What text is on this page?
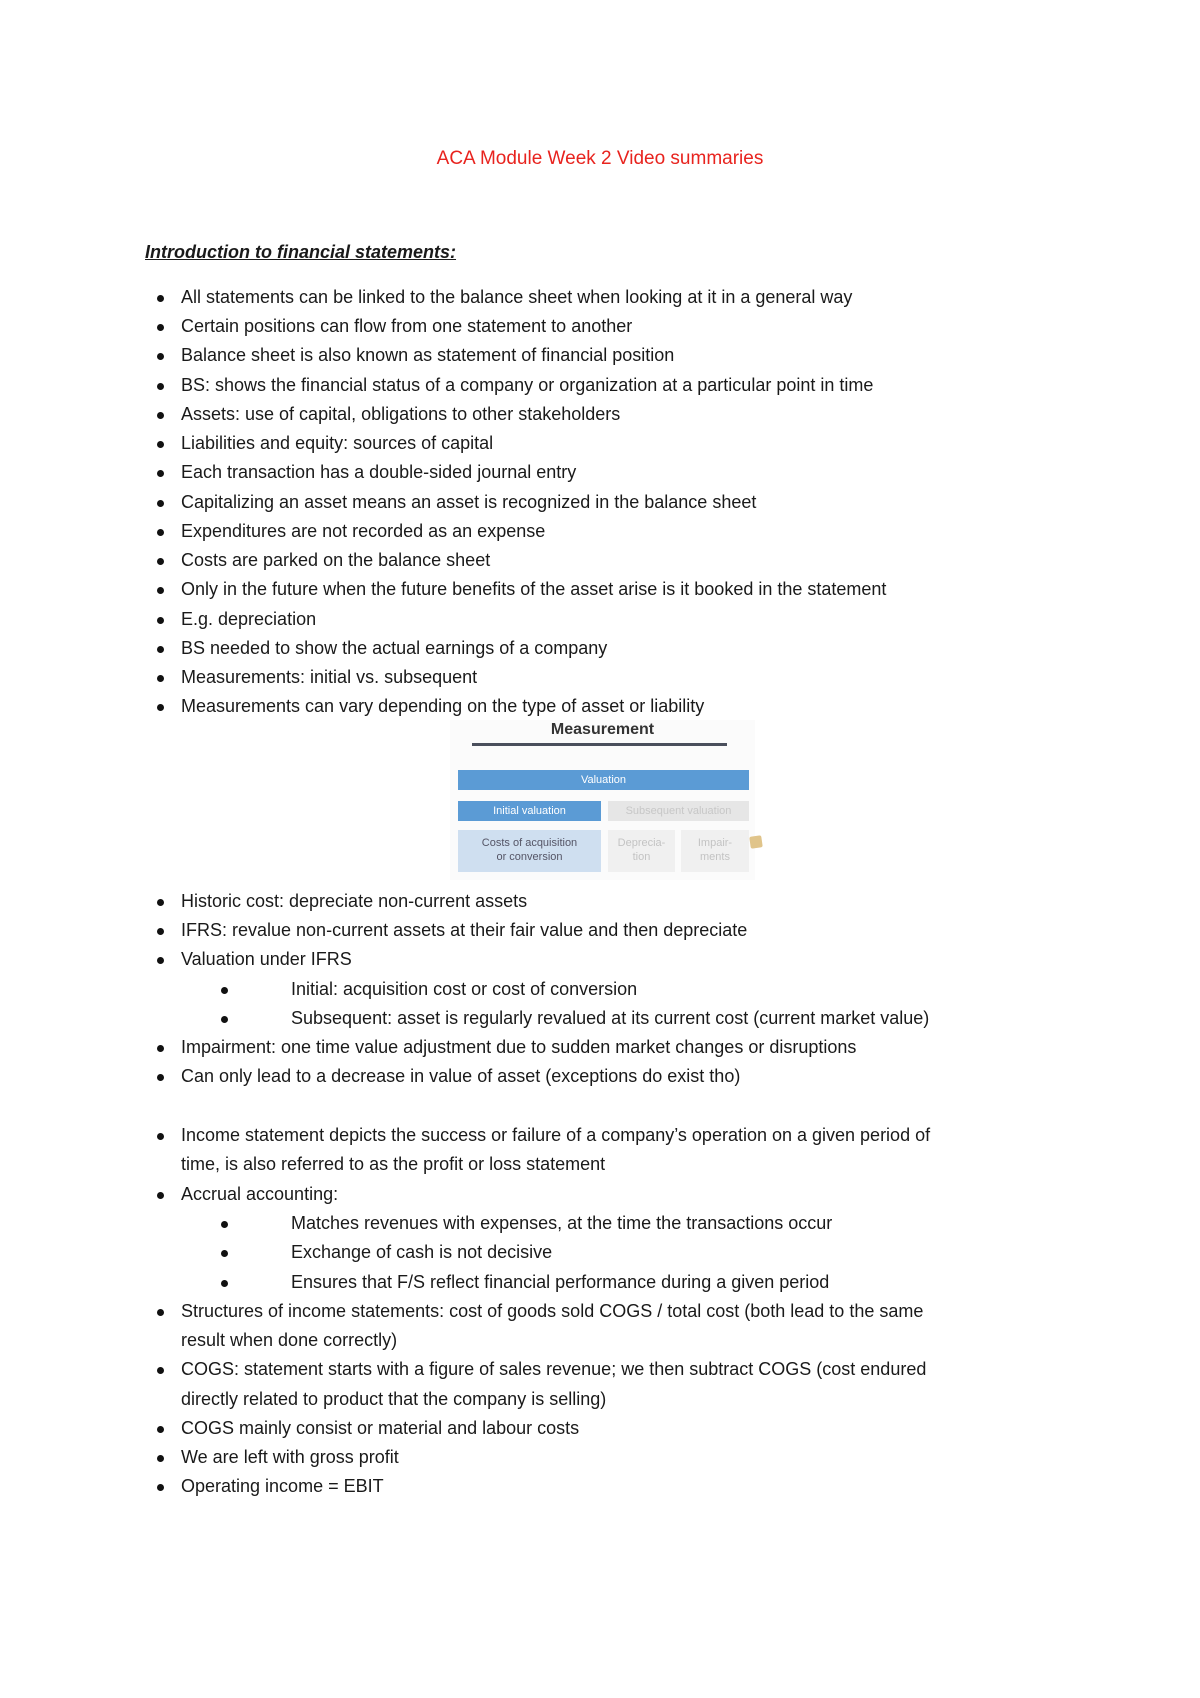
ACA Module Week 2 Video summaries
Introduction to financial statements:
All statements can be linked to the balance sheet when looking at it in a general way
Certain positions can flow from one statement to another
Balance sheet is also known as statement of financial position
BS: shows the financial status of a company or organization at a particular point in time
Assets: use of capital, obligations to other stakeholders
Liabilities and equity: sources of capital
Each transaction has a double-sided journal entry
Capitalizing an asset means an asset is recognized in the balance sheet
Expenditures are not recorded as an expense
Costs are parked on the balance sheet
Only in the future when the future benefits of the asset arise is it booked in the statement
E.g. depreciation
BS needed to show the actual earnings of a company
Measurements: initial vs. subsequent
Measurements can vary depending on the type of asset or liability
Measurement
Valuation
Initial valuation	Subsequent valuation
Costs of acquisition
or conversion
Deprecia-
tion
Impair-
ments
Historic cost: depreciate non-current assets
IFRS: revalue non-current assets at their fair value and then depreciate
Valuation under IFRS
Initial: acquisition cost or cost of conversion
Subsequent: asset is regularly revalued at its current cost (current market value)
Impairment: one time value adjustment due to sudden market changes or disruptions
Can only lead to a decrease in value of asset (exceptions do exist tho)
Income statement depicts the success or failure of a company’s operation on a given period of
time, is also referred to as the profit or loss statement
Accrual accounting:
Matches revenues with expenses, at the time the transactions occur
Exchange of cash is not decisive
Ensures that F/S reflect financial performance during a given period
Structures of income statements: cost of goods sold COGS / total cost (both lead to the same
result when done correctly)
COGS: statement starts with a figure of sales revenue; we then subtract COGS (cost endured
directly related to product that the company is selling)
COGS mainly consist or material and labour costs
We are left with gross profit
Operating income = EBIT
